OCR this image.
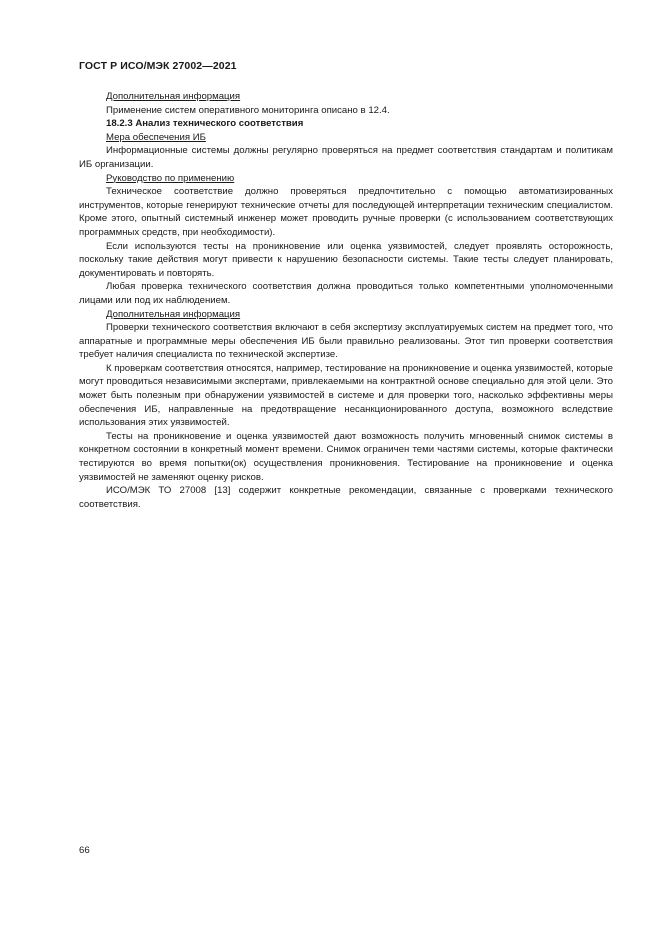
ГОСТ Р ИСО/МЭК 27002—2021

Дополнительная информация

Применение систем оперативного мониторинга описано в 12.4.

18.2.3 Анализ технического соответствия

Мера обеспечения ИБ

Информационные системы должны регулярно проверяться на предмет соответствия стандартам и политикам ИБ организации.

Руководство по применению

Техническое соответствие должно проверяться предпочтительно с помощью автоматизированных инструментов, которые генерируют технические отчеты для последующей интерпретации техническим специалистом. Кроме этого, опытный системный инженер может проводить ручные проверки (с использованием соответствующих программных средств, при необходимости).

Если используются тесты на проникновение или оценка уязвимостей, следует проявлять осторожность, поскольку такие действия могут привести к нарушению безопасности системы. Такие тесты следует планировать, документировать и повторять.

Любая проверка технического соответствия должна проводиться только компетентными уполномоченными лицами или под их наблюдением.

Дополнительная информация

Проверки технического соответствия включают в себя экспертизу эксплуатируемых систем на предмет того, что аппаратные и программные меры обеспечения ИБ были правильно реализованы. Этот тип проверки соответствия требует наличия специалиста по технической экспертизе.

К проверкам соответствия относятся, например, тестирование на проникновение и оценка уязвимостей, которые могут проводиться независимыми экспертами, привлекаемыми на контрактной основе специально для этой цели. Это может быть полезным при обнаружении уязвимостей в системе и для проверки того, насколько эффективны меры обеспечения ИБ, направленные на предотвращение несанкционированного доступа, возможного вследствие использования этих уязвимостей.

Тесты на проникновение и оценка уязвимостей дают возможность получить мгновенный снимок системы в конкретном состоянии в конкретный момент времени. Снимок ограничен теми частями системы, которые фактически тестируются во время попытки(ок) осуществления проникновения. Тестирование на проникновение и оценка уязвимостей не заменяют оценку рисков.

ИСО/МЭК ТО 27008 [13] содержит конкретные рекомендации, связанные с проверками технического соответствия.

66
